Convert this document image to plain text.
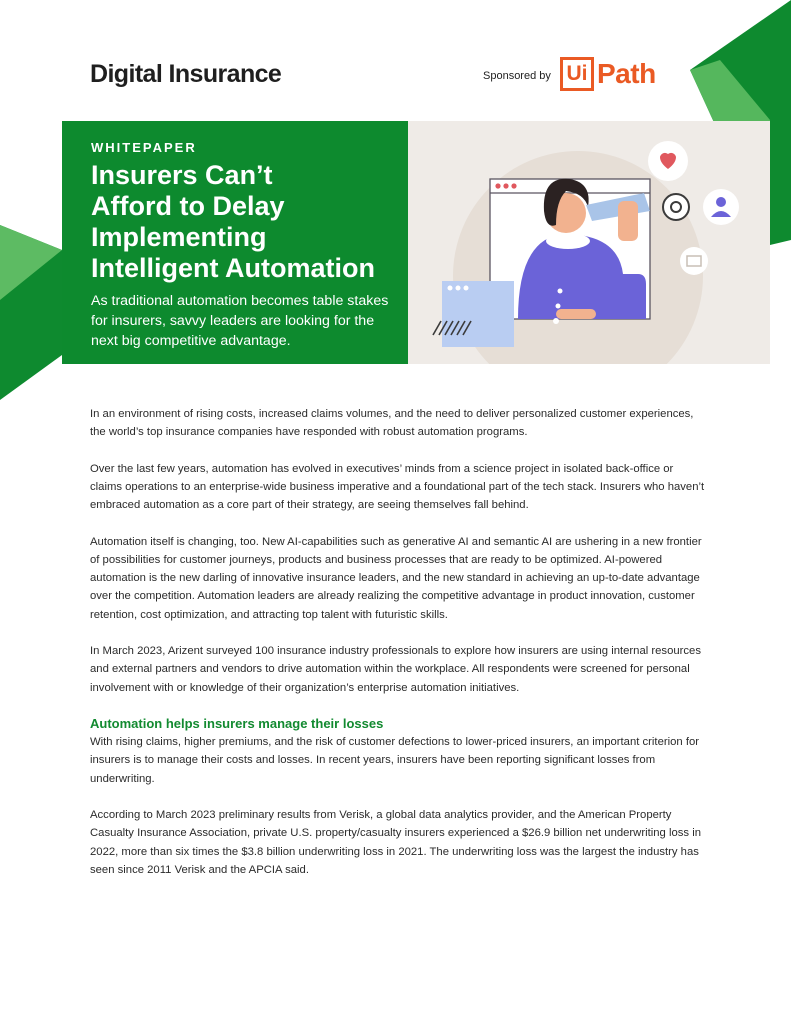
Digital Insurance	Sponsored by Ui Path
WHITEPAPER
Insurers Can’t
Afford to Delay
Implementing
Intelligent Automation

As traditional automation becomes table stakes for insurers, savvy leaders are looking for the next big competitive advantage.

In an environment of rising costs, increased claims volumes, and the need to deliver personalized customer experiences, the world’s top insurance companies have responded with robust automation programs.

Over the last few years, automation has evolved in executives’ minds from a science project in isolated back-office or claims operations to an enterprise-wide business imperative and a foundational part of the tech stack. Insurers who haven’t embraced automation as a core part of their strategy, are seeing themselves fall behind.

Automation itself is changing, too. New AI-capabilities such as generative AI and semantic AI are ushering in a new frontier of possibilities for customer journeys, products and business processes that are ready to be optimized. AI-powered automation is the new darling of innovative insurance leaders, and the new standard in achieving an up-to-date advantage over the competition. Automation leaders are already realizing the competitive advantage in product innovation, customer retention, cost optimization, and attracting top talent with futuristic skills.

In March 2023, Arizent surveyed 100 insurance industry professionals to explore how insurers are using internal resources and external partners and vendors to drive automation within the workplace. All respondents were screened for personal involvement with or knowledge of their organization’s enterprise automation initiatives.

Automation helps insurers manage their losses

With rising claims, higher premiums, and the risk of customer defections to lower-priced insurers, an important criterion for insurers is to manage their costs and losses. In recent years, insurers have been reporting significant losses from underwriting.

According to March 2023 preliminary results from Verisk, a global data analytics provider, and the American Property Casualty Insurance Association, private U.S. property/casualty insurers experienced a $26.9 billion net underwriting loss in 2022, more than six times the $3.8 billion underwriting loss in 2021. The underwriting loss was the largest the industry has seen since 2011 Verisk and the APCIA said.
